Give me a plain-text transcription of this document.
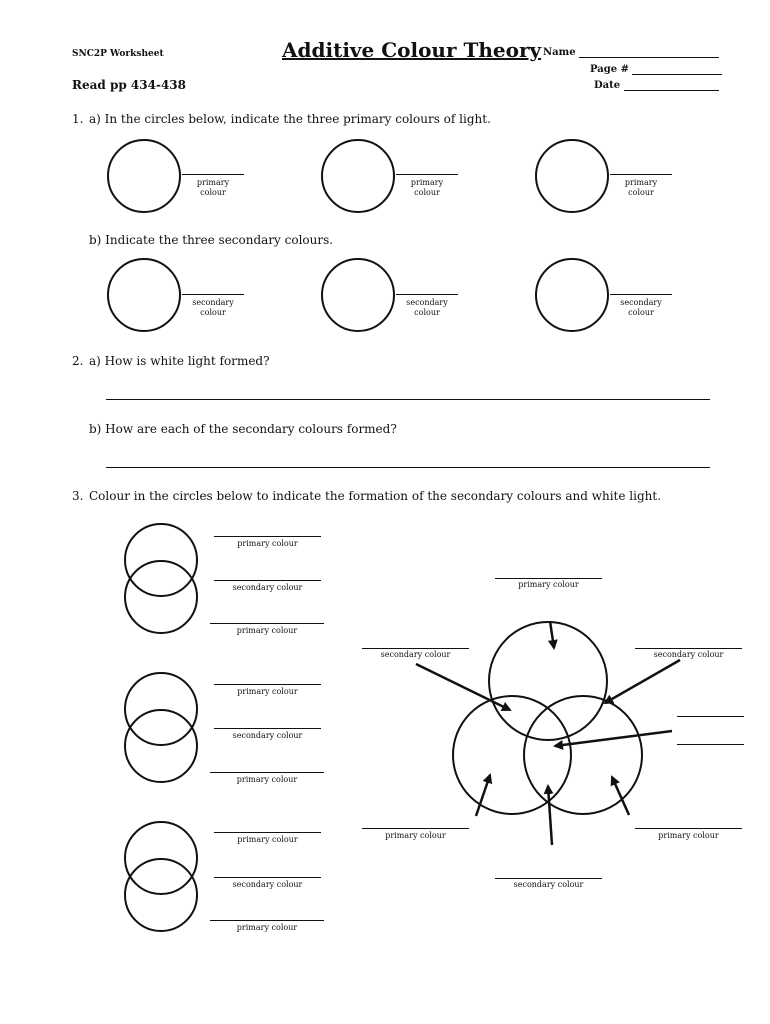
SNC2P Worksheet	Additive Colour Theory Name
Page #
Date
Read pp 434-438
1. a) In the circles below, indicate the three primary colours of light.
primary
colour
primary
colour
primary
colour
b) Indicate the three secondary colours.
secondary
colour
secondary
colour
secondary
colour
2. a) How is white light formed?
b) How are each of the secondary colours formed?
3. Colour in the circles below to indicate the formation of the secondary colours and white light.
primary colour
secondary colour
primary colour
primary colour
secondary colour
primary colour
primary colour
secondary colour
primary colour
primary colour
secondary colour	secondary colour
primary colour	primary colour
secondary colour
